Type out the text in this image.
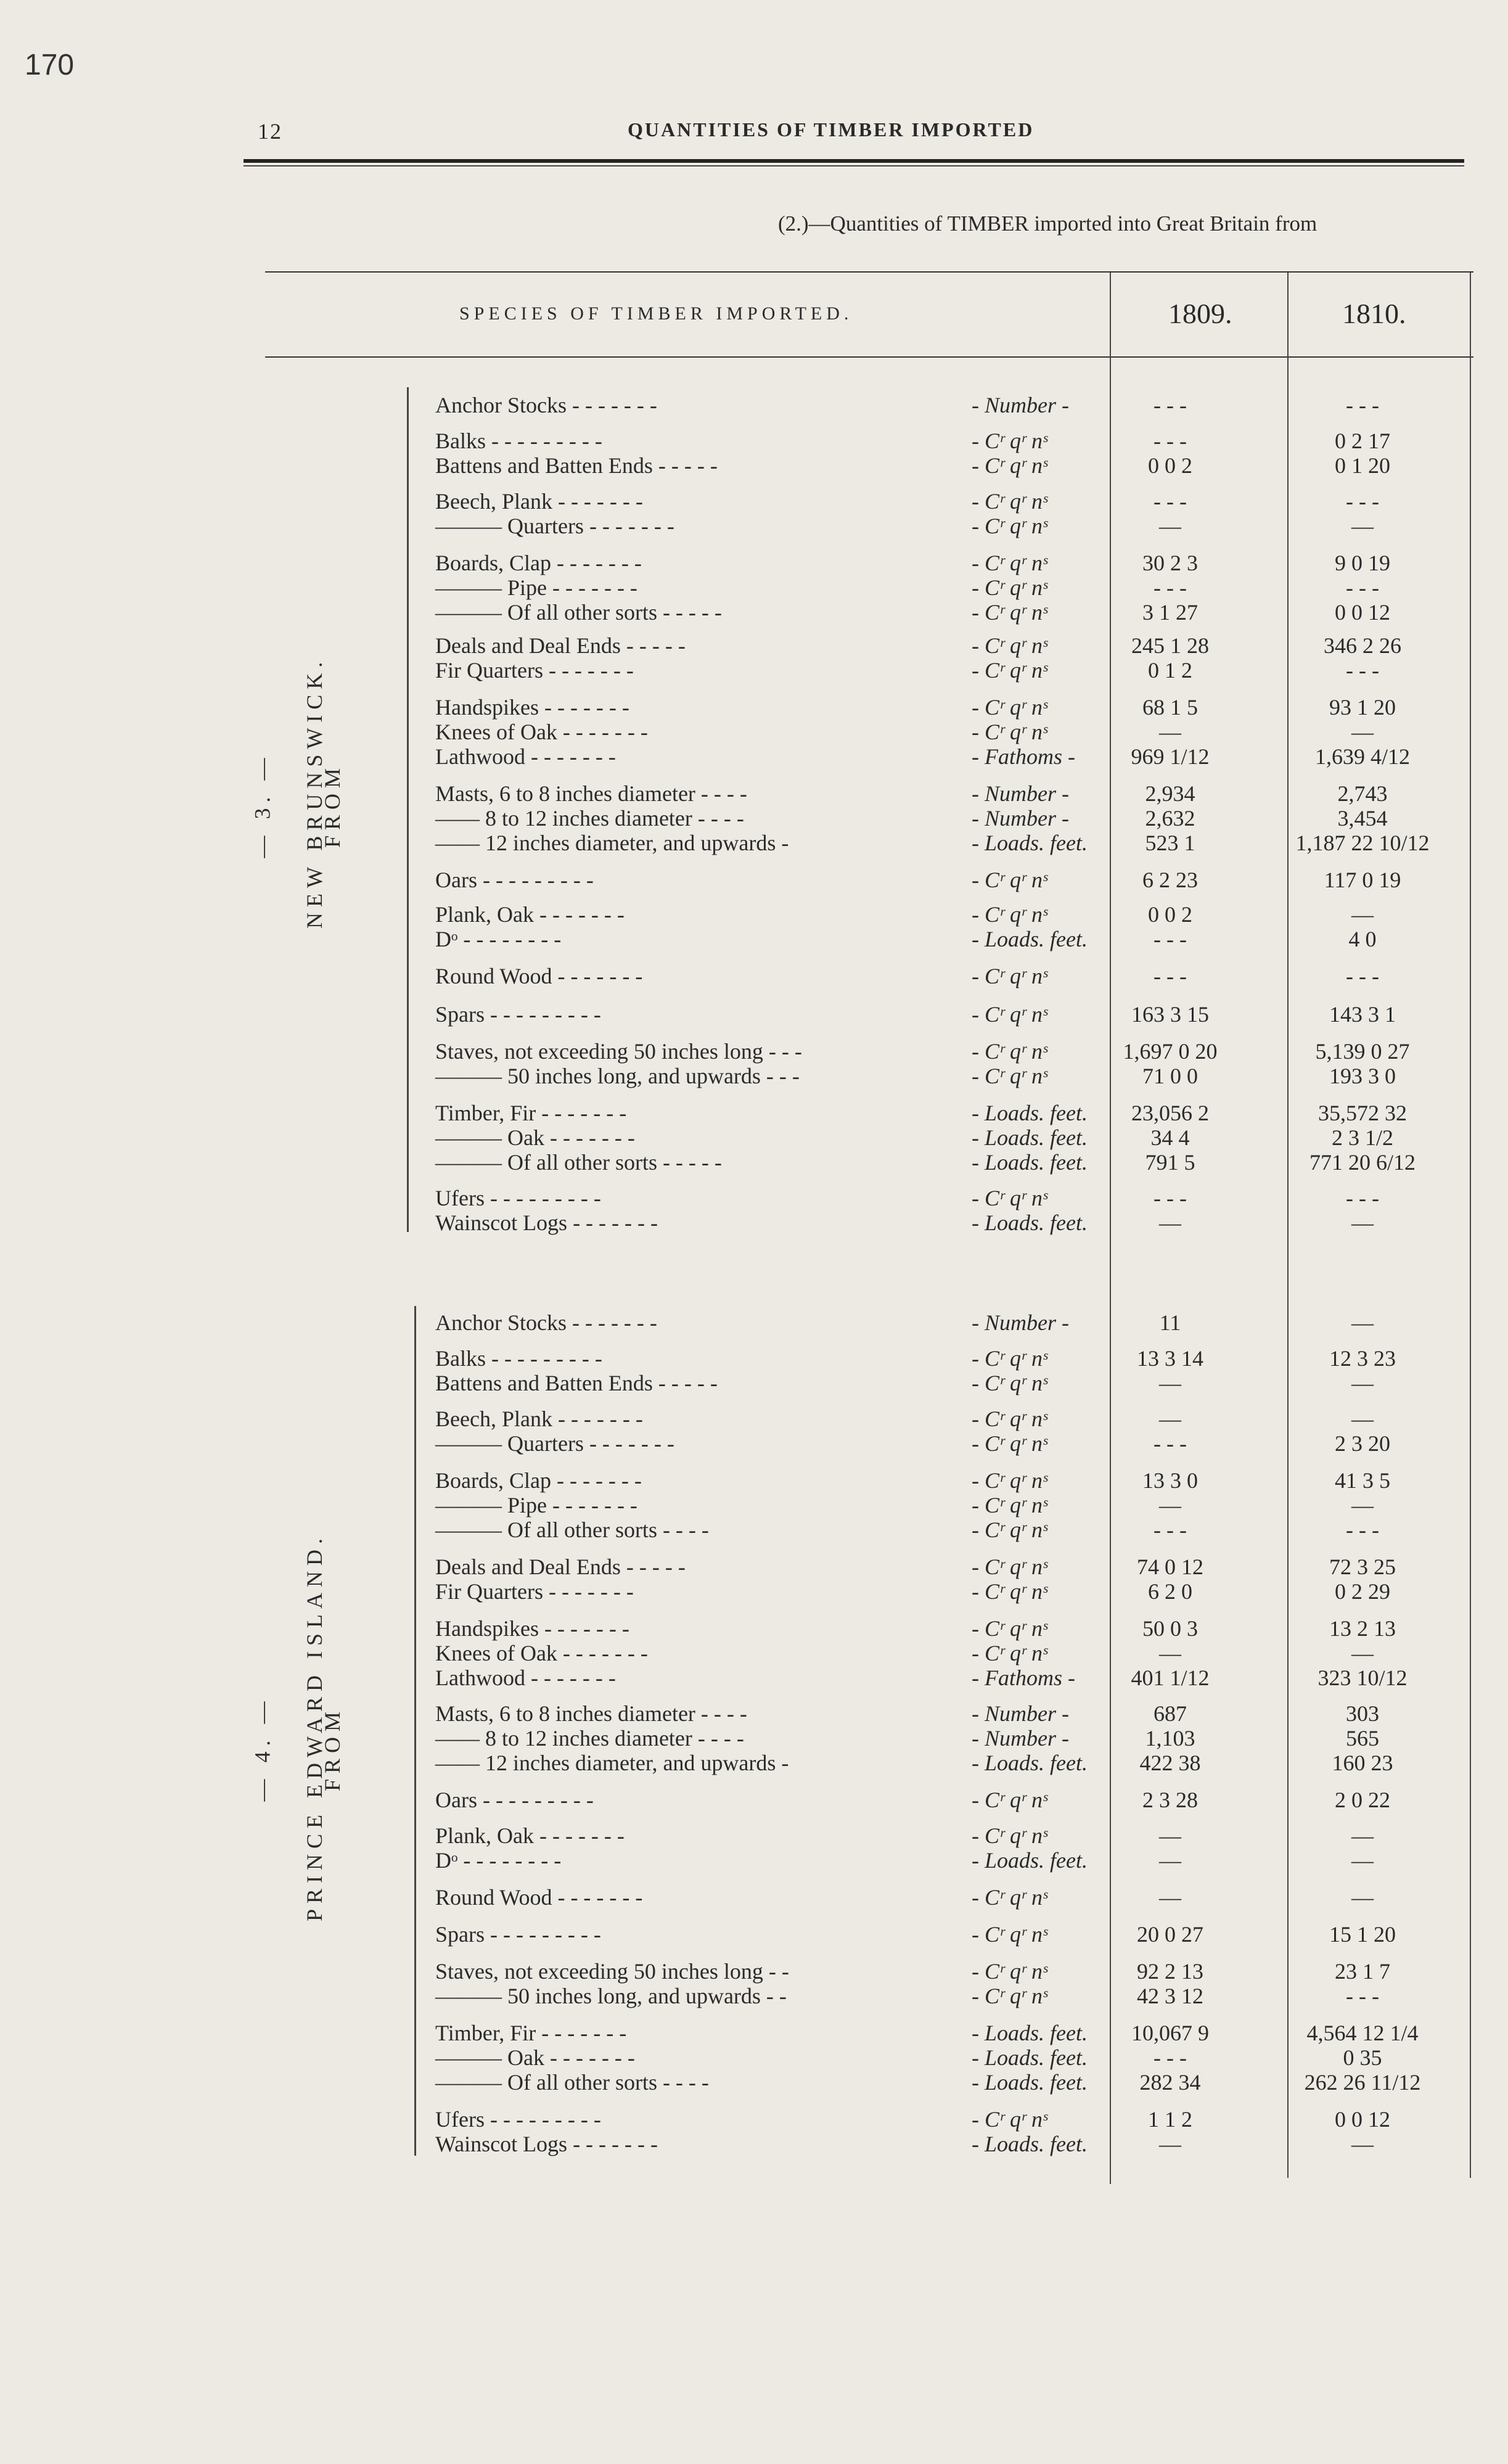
170
12	QUANTITIES OF TIMBER IMPORTED
(2.)—Quantities of TIMBER imported into Great Britain from
SPECIES OF TIMBER IMPORTED.	1809.	1810.
— 3. — FROM
NEW BRUNSWICK.
Anchor Stocks - - - - - - -	- Number -	- - -	- - -
Balks - - - - - - - - -	- Cʳ qʳ nˢ	- - -	0 2 17
Battens and Batten Ends - - - - -	- Cʳ qʳ nˢ	0 0 2	0 1 20
Beech, Plank - - - - - - -	- Cʳ qʳ nˢ	- - -	- - -
——— Quarters - - - - - - -	- Cʳ qʳ nˢ	—	—
Boards, Clap - - - - - - -	- Cʳ qʳ nˢ	30 2 3	9 0 19
——— Pipe - - - - - - -	- Cʳ qʳ nˢ	- - -	- - -
——— Of all other sorts - - - - -	- Cʳ qʳ nˢ	3 1 27	0 0 12
Deals and Deal Ends - - - - -	- Cʳ qʳ nˢ	245 1 28	346 2 26
Fir Quarters - - - - - - -	- Cʳ qʳ nˢ	0 1 2	- - -
Handspikes - - - - - - -	- Cʳ qʳ nˢ	68 1 5	93 1 20
Knees of Oak - - - - - - -	- Cʳ qʳ nˢ	—	—
Lathwood - - - - - - -	- Fathoms -	969 1/12	1,639 4/12
Masts, 6 to 8 inches diameter - - - -	- Number -	2,934	2,743
—— 8 to 12 inches diameter - - - -	- Number -	2,632	3,454
—— 12 inches diameter, and upwards -	- Loads. feet.	523 1	1,187 22 10/12
Oars - - - - - - - - -	- Cʳ qʳ nˢ	6 2 23	117 0 19
Plank, Oak - - - - - - -	- Cʳ qʳ nˢ	0 0 2	—
Dᵒ - - - - - - - -	- Loads. feet.	- - -	4 0
Round Wood - - - - - - -	- Cʳ qʳ nˢ	- - -	- - -
Spars - - - - - - - - -	- Cʳ qʳ nˢ	163 3 15	143 3 1
Staves, not exceeding 50 inches long - - -	- Cʳ qʳ nˢ	1,697 0 20	5,139 0 27
——— 50 inches long, and upwards - - -	- Cʳ qʳ nˢ	71 0 0	193 3 0
Timber, Fir - - - - - - -	- Loads. feet.	23,056 2	35,572 32
——— Oak - - - - - - -	- Loads. feet.	34 4	2 3 1/2
——— Of all other sorts - - - - -	- Loads. feet.	791 5	771 20 6/12
Ufers - - - - - - - - -	- Cʳ qʳ nˢ	- - -	- - -
Wainscot Logs - - - - - - -	- Loads. feet.	—	—
— 4. — FROM
PRINCE EDWARD ISLAND.
Anchor Stocks - - - - - - -	- Number -	11	—
Balks - - - - - - - - -	- Cʳ qʳ nˢ	13 3 14	12 3 23
Battens and Batten Ends - - - - -	- Cʳ qʳ nˢ	—	—
Beech, Plank - - - - - - -	- Cʳ qʳ nˢ	—	—
——— Quarters - - - - - - -	- Cʳ qʳ nˢ	- - -	2 3 20
Boards, Clap - - - - - - -	- Cʳ qʳ nˢ	13 3 0	41 3 5
——— Pipe - - - - - - -	- Cʳ qʳ nˢ	—	—
——— Of all other sorts - - - -	- Cʳ qʳ nˢ	- - -	- - -
Deals and Deal Ends - - - - -	- Cʳ qʳ nˢ	74 0 12	72 3 25
Fir Quarters - - - - - - -	- Cʳ qʳ nˢ	6 2 0	0 2 29
Handspikes - - - - - - -	- Cʳ qʳ nˢ	50 0 3	13 2 13
Knees of Oak - - - - - - -	- Cʳ qʳ nˢ	—	—
Lathwood - - - - - - -	- Fathoms -	401 1/12	323 10/12
Masts, 6 to 8 inches diameter - - - -	- Number -	687	303
—— 8 to 12 inches diameter - - - -	- Number -	1,103	565
—— 12 inches diameter, and upwards -	- Loads. feet.	422 38	160 23
Oars - - - - - - - - -	- Cʳ qʳ nˢ	2 3 28	2 0 22
Plank, Oak - - - - - - -	- Cʳ qʳ nˢ	—	—
Dᵒ - - - - - - - -	- Loads. feet.	—	—
Round Wood - - - - - - -	- Cʳ qʳ nˢ	—	—
Spars - - - - - - - - -	- Cʳ qʳ nˢ	20 0 27	15 1 20
Staves, not exceeding 50 inches long - -	- Cʳ qʳ nˢ	92 2 13	23 1 7
——— 50 inches long, and upwards - -	- Cʳ qʳ nˢ	42 3 12	- - -
Timber, Fir - - - - - - -	- Loads. feet.	10,067 9	4,564 12 1/4
——— Oak - - - - - - -	- Loads. feet.	- - -	0 35
——— Of all other sorts - - - -	- Loads. feet.	282 34	262 26 11/12
Ufers - - - - - - - - -	- Cʳ qʳ nˢ	1 1 2	0 0 12
Wainscot Logs - - - - - - -	- Loads. feet.	—	—
